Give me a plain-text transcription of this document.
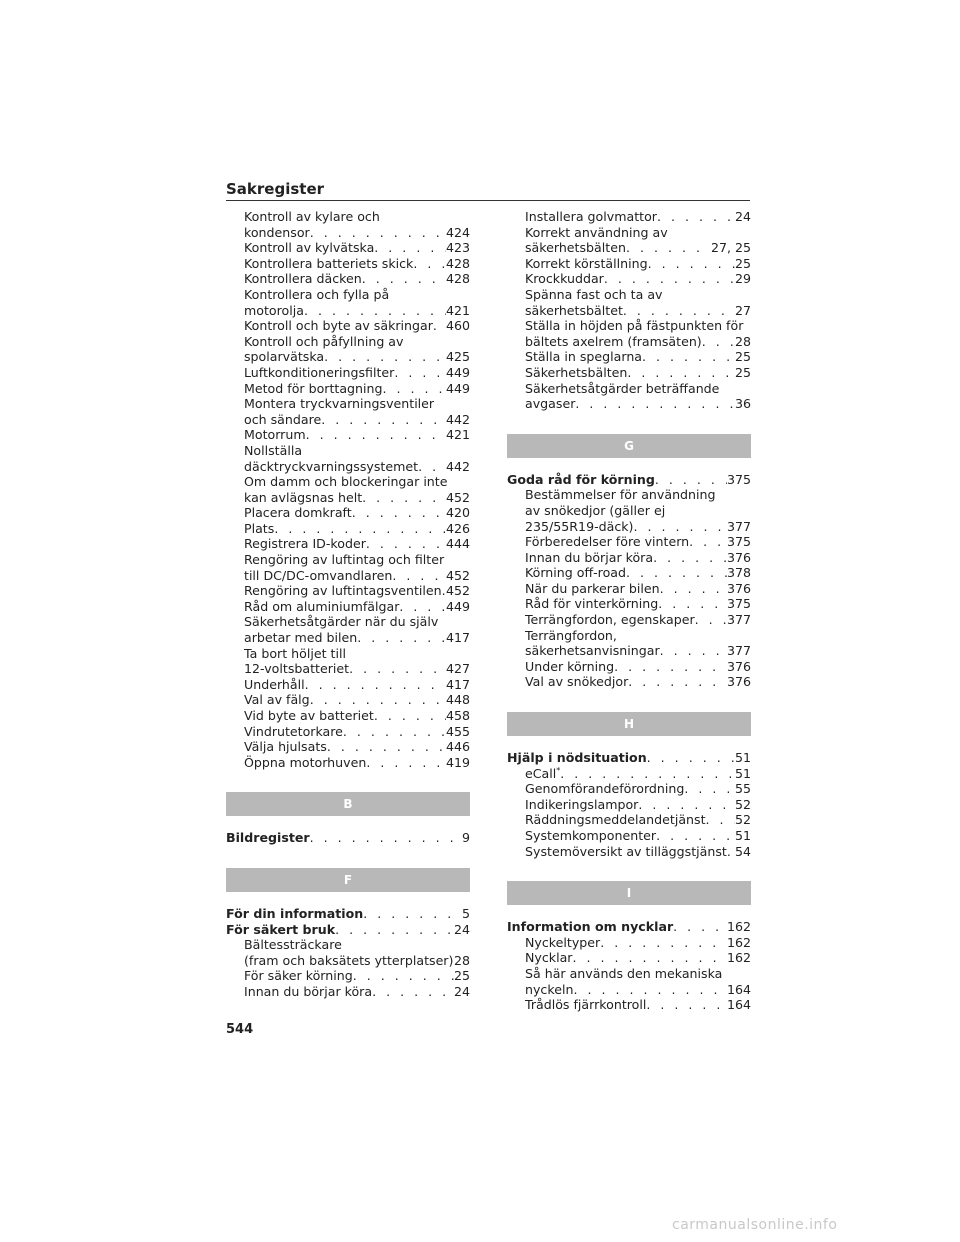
Sakregister
Kontroll av kylare och
kondensor . . .	424
Kontroll av kylvätska . . .	423
Kontrollera batteriets skick . . .	428
Kontrollera däcken . . .	428
Kontrollera och fylla på
motorolja . . .	421
Kontroll och byte av säkringar . . . 460
Kontroll och påfyllning av
spolarvätska . . .	425
Luftkonditioneringsfilter . . .	449
Metod för borttagning . . .	449
Montera tryckvarningsventiler
och sändare . . .	442
Motorrum . . .	421
Nollställa
däcktryckvarningssystemet . . . 442
Om damm och blockeringar inte
kan avlägsnas helt . . .	452
Placera domkraft . . .	420
Plats . . .	426
Registrera ID-koder . . .	444
Rengöring av luftintag och filter
till DC/DC-omvandlaren . . .	452
Rengöring av luftintagsventilen . . . 452
Råd om aluminiumfälgar . . .	449
Säkerhetsåtgärder när du själv
arbetar med bilen . . .	417
Ta bort höljet till
12-voltsbatteriet . . .	427
Underhåll . . .	417
Val av fälg . . .	448
Vid byte av batteriet . . .	458
Vindrutetorkare . . .	455
Välja hjulsats . . .	446
Öppna motorhuven . . .	419
B
Bildregister . . .	9
F
För din information . . .	5
För säkert bruk . . .	24
Bältessträckare
(fram och baksätets ytterplatser) . . . 28
För säker körning . . .	25
Innan du börjar köra . . .	24
Installera golvmattor . . .	24
Korrekt användning av
säkerhetsbälten . . .	27, 25
Korrekt körställning . . .	25
Krockkuddar . . .	29
Spänna fast och ta av
säkerhetsbältet . . .	27
Ställa in höjden på fästpunkten för
bältets axelrem (framsäten) . . .	28
Ställa in speglarna . . .	25
Säkerhetsbälten . . .	25
Säkerhetsåtgärder beträffande
avgaser . . .	36
G
Goda råd för körning . . .	375
Bestämmelser för användning
av snökedjor (gäller ej
235/55R19-däck) . . .	377
Förberedelser före vintern . . .	375
Innan du börjar köra . . .	376
Körning off-road . . .	378
När du parkerar bilen . . .	376
Råd för vinterkörning . . .	375
Terrängfordon, egenskaper . . .	377
Terrängfordon,
säkerhetsanvisningar . . .	377
Under körning . . .	376
Val av snökedjor . . .	376
H
Hjälp i nödsituation . . .	51
eCall* . . .	51
Genomförandeförordning . . .	55
Indikeringslampor . . .	52
Räddningsmeddelandetjänst . . . 52
Systemkomponenter . . .	51
Systemöversikt av tilläggstjänst . . . 54
I
Information om nycklar . . .	162
Nyckeltyper . . .	162
Nycklar . . .	162
Så här används den mekaniska
nyckeln . . .	164
Trådlös fjärrkontroll . . .	164
544
carmanualsonline.info
